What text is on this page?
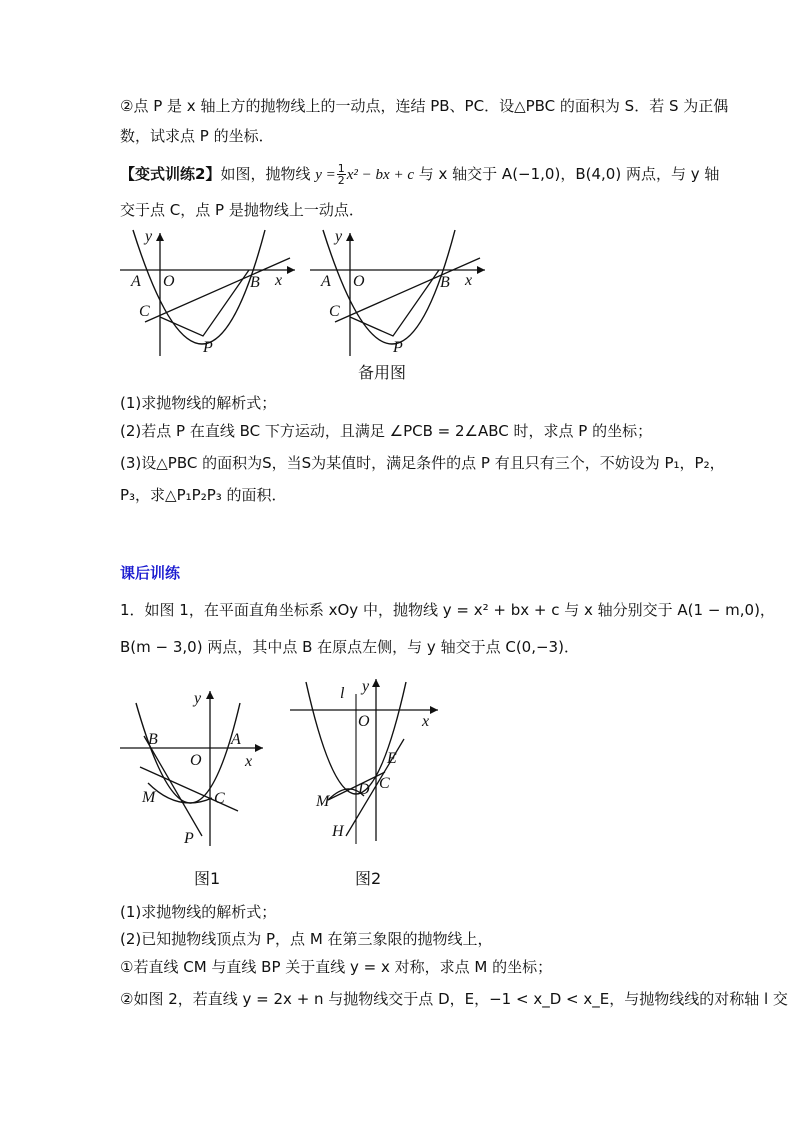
②点 P 是 x 轴上方的抛物线上的一动点，连结 PB、PC．设△PBC 的面积为 S．若 S 为正偶
数，试求点 P 的坐标．
【变式训练2】如图，抛物线 $y = \frac{1}{2} x^2$ − bx + c 与 x 轴交于 A(−1,0)，B(4,0) 两点，与 y 轴
交于点 C，点 P 是抛物线上一动点．
y
O
A	B x
C
P
y
O
A	B x
C
P
备用图
(1)求抛物线的解析式；
(2)若点 P 在直线 BC 下方运动，且满足 ∠PCB = 2∠ABC 时，求点 P 的坐标；
(3)设△PBC 的面积为S，当S为某值时，满足条件的点 P 有且只有三个，不妨设为 P₁，P₂，
P₃，求△P₁P₂P₃ 的面积．
课后训练
1．如图 1，在平面直角坐标系 xOy 中，抛物线 y = x² + bx + c 与 x 轴分别交于 A(1 − m,0)，
B(m − 3,0) 两点，其中点 B 在原点左侧，与 y 轴交于点 C(0,−3)．
y
B	A
O	x
M	C
P
l y
O	x
E
C
D
M
H
图1	图2
(1)求抛物线的解析式；
(2)已知抛物线顶点为 P，点 M 在第三象限的抛物线上，
①若直线 CM 与直线 BP 关于直线 y = x 对称，求点 M 的坐标；
②如图 2，若直线 y = 2x + n 与抛物线交于点 D，E，−1 < x_D < x_E，与抛物线线的对称轴 l 交
